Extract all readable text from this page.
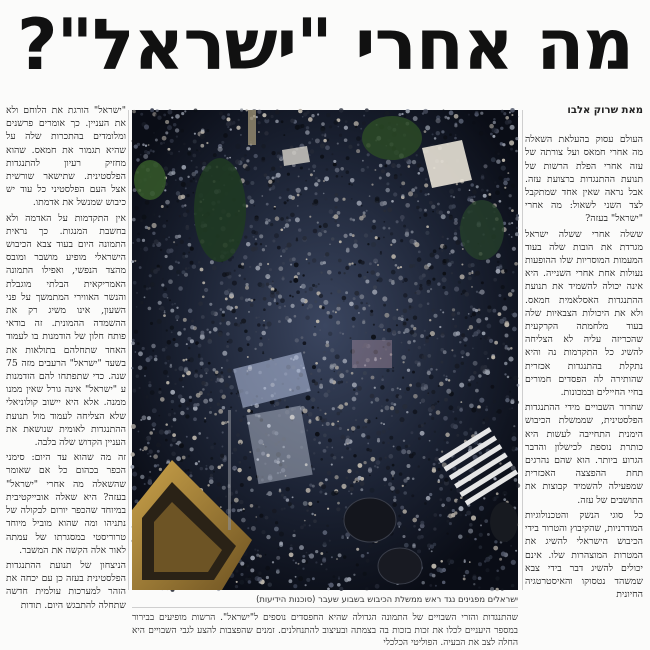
מה אחרי "ישראל"?

מאת שרוק אלבו

העולם עסוק בהעלאת השאלה מה אחרי חמאס ועל צורתה של עזה אחרי הפלת הרשות של תנועת ההתנגדות ברצועת עזה. אבל נראה שאין אחד שמתקבל לצד השני לשאול: מה אחרי "ישראל" בעזה?

ששלה אחרי ששלה ישראל מגרדת את הובות שלה בעוד המעמות המוסריות שלו ההופעות נעולות אחת אחרי השנייה. היא אינה יכולה להשמיד את תנועת ההתנגדות האסלאמית חמאס. ולא את היכולות הצבאיות שלה בעוד מלחמתה הקרקעית שהכריזה עליה לא הצליחה להשיג כל התקדמות נה והיא נתקלת בהתנגדות אכזרית שהותירה לה הפסדים חמורים בחיי החיילים ובמכונות.

שחרור השבויים מידי ההתנגדות הפלסטינית, שממשלת הכיבוש הימנית התחייבה לעשות היא כותרת נוספת לכישלון והדבר הגרוע ביותר. הוא שהם נהרגים תחת ההפצצה האכזרית שמפעילה להשמיד קבוצות את התושבים של עזה.

כל סוגי הנשק והטכנולוגיות המודרניות, שהקיבוץ והטרור בידי הכיבוש הישראלי להשיג את המטרות המוצהרות שלו. אינם יכולים להשיג דבר בידי צבא שמשהד נטסוקו והאיסטרטגיה החיונית

"ישראל" הורגת את הלוחם ולא את העניין. כך אומרים פרשנים ומלומדים בהתכרות שלה על שהיא תגמור את חמאס. שהוא מחזיק רעיון להתנגדות הפלסטינית. שתישאר שורשית אצל העם הפלסטיני כל עוד יש כיבוש שמנשל את אדמתו.

אין התקדמות על האדמה ולא בחשבת המנגות. כך נראית התמונה היום בעוד צבא הכיבוש הישראלי מופיע מושבר ומובס מהצד הנפשי, ואפילו התמונה האמריקאית הבלתי מוגבלת והנשר האווירי המתמשך על פני השעון, אינו משיג רק את ההשמדה ההמונית. זה בודאי פותח חלון של הודמנות בו לעמוד האחד שתחלהם בתולאות את בשעד "ישראל" הרעבים מזה 75 שנה. כדי שתפתחו להם הזדמנות ע "ישראל" אינה גורל שאין ממנו ממנה. אלא היא יישוב קולוניאלי שלא הצליחה לעמוד מול תנועת ההתנגדות לאומית שנושאת את העניין הקדוש שלה בלבה.

זה מה שהוא עד היום: סימני הכפר בכהום כל אם שאומר שהשאלה מה אחרי "ישראל" בעזה? היא שאלה אובייקטיבית במיוחד שהכפר יורום לבקולה של נתניהו ומה שהוא מוביל מיוחד טרוריסטי במסגרתו של עמתה לאור אלה הקשה את המשבר.

הניצחון של תנועת ההתנגדות הפלסטינית בעזה כן עם יכחה את הזהר למערכות עולמית חדשה שתחלה להתבגש היום. תודות

ישראלים מפגינים נגד ראש ממשלת הכיבוש בשבוע שעבר (סוכנות הידיעות)

שהתנגדות והזרי השבויים של התמונה הגדולה שהיא החפסדים נוספים ל"ישראל". הרשות מופיעים בבירור במספר היעניים לכלו את זכות בזכות בה בצמתה ובעיצוב להתנחלנים. זמנים שהפצבות להצע לגבי השבויים היא החלה לצב את הבעיה. הפוליטי הכלכלי
